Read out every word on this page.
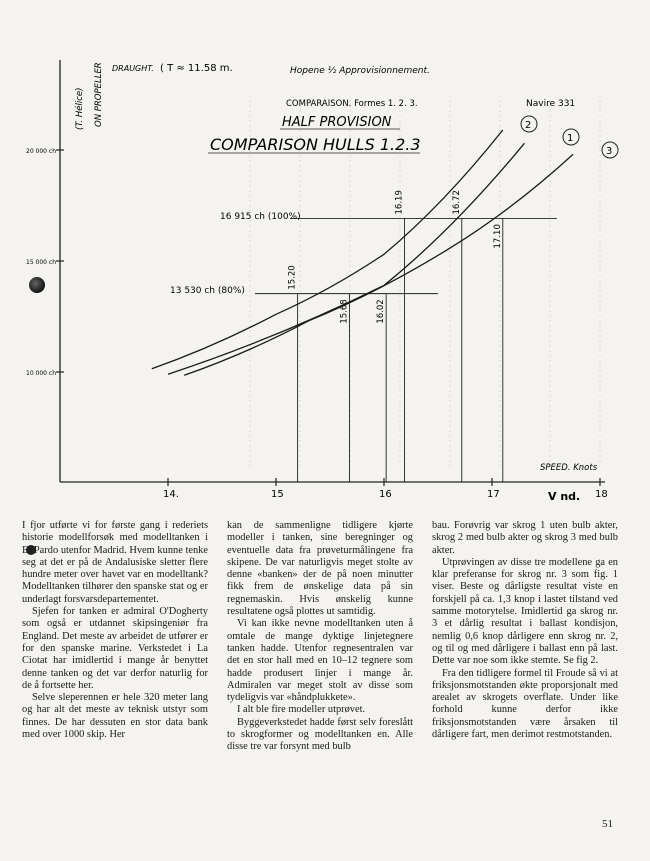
14.	15	16	17	18
10 000 ch
15 000 ch
20 000 ch
15.20
15.68	16.02
16.19	16.72
17.10
DRAUGHT. ( T ≈ 11.58 m.	Hopene ½ Approvisionnement.
COMPARAISON. Formes 1. 2. 3.	Navire 331
HALF PROVISION
COMPARISON HULLS 1.2.3
ON PROPELLER
(T. Hélice)
SPEED. Knots
V nd.
16 915 ch (100%)
13 530 ch (80%)
2
1
3

I fjor utførte vi for første gang i rederiets historie modellforsøk med modelltanken i El Pardo utenfor Madrid. Hvem kunne tenke seg at det er på de Andalusiske sletter flere hundre meter over havet var en modelltank? Modelltanken tilhører den spanske stat og er underlagt forsvarsdepartementet.

Sjefen for tanken er admiral O'Dogherty som også er utdannet skipsingeniør fra England. Det meste av arbeidet de utfører er for den spanske marine. Verkstedet i La Ciotat har imidlertid i mange år benyttet denne tanken og det var derfor naturlig for de å fortsette her.

Selve sleperennen er hele 320 meter lang og har alt det meste av teknisk utstyr som finnes. De har dessuten en stor data bank med over 1000 skip. Her

kan de sammenligne tidligere kjørte modeller i tanken, sine beregninger og eventuelle data fra prøveturmålingene fra skipene. De var naturligvis meget stolte av denne «banken» der de på noen minutter fikk frem de ønskelige data på sin regnemaskin. Hvis ønskelig kunne resultatene også plottes ut samtidig.

Vi kan ikke nevne modelltanken uten å omtale de mange dyktige linjetegnere tanken hadde. Utenfor regnesentralen var det en stor hall med en 10–12 tegnere som hadde produsert linjer i mange år. Admiralen var meget stolt av disse som tydeligvis var «håndplukkete».

I alt ble fire modeller utprøvet.

Byggeverkstedet hadde først selv foreslått to skrogformer og modelltanken en. Alle disse tre var forsynt med bulb

bau. Forøvrig var skrog 1 uten bulb akter, skrog 2 med bulb akter og skrog 3 med bulb akter.

Utprøvingen av disse tre modellene ga en klar preferanse for skrog nr. 3 som fig. 1 viser. Beste og dårligste resultat viste en forskjell på ca. 1,3 knop i lastet tilstand ved samme motorytelse. Imidlertid ga skrog nr. 3 et dårlig resultat i ballast kondisjon, nemlig 0,6 knop dårligere enn skrog nr. 2, og til og med dårligere i ballast enn på last. Dette var noe som ikke stemte. Se fig 2.

Fra den tidligere formel til Froude så vi at friksjonsmotstanden økte proporsjonalt med arealet av skrogets overflate. Under like forhold kunne derfor ikke friksjonsmotstanden være årsaken til dårligere fart, men derimot restmotstanden.

51
